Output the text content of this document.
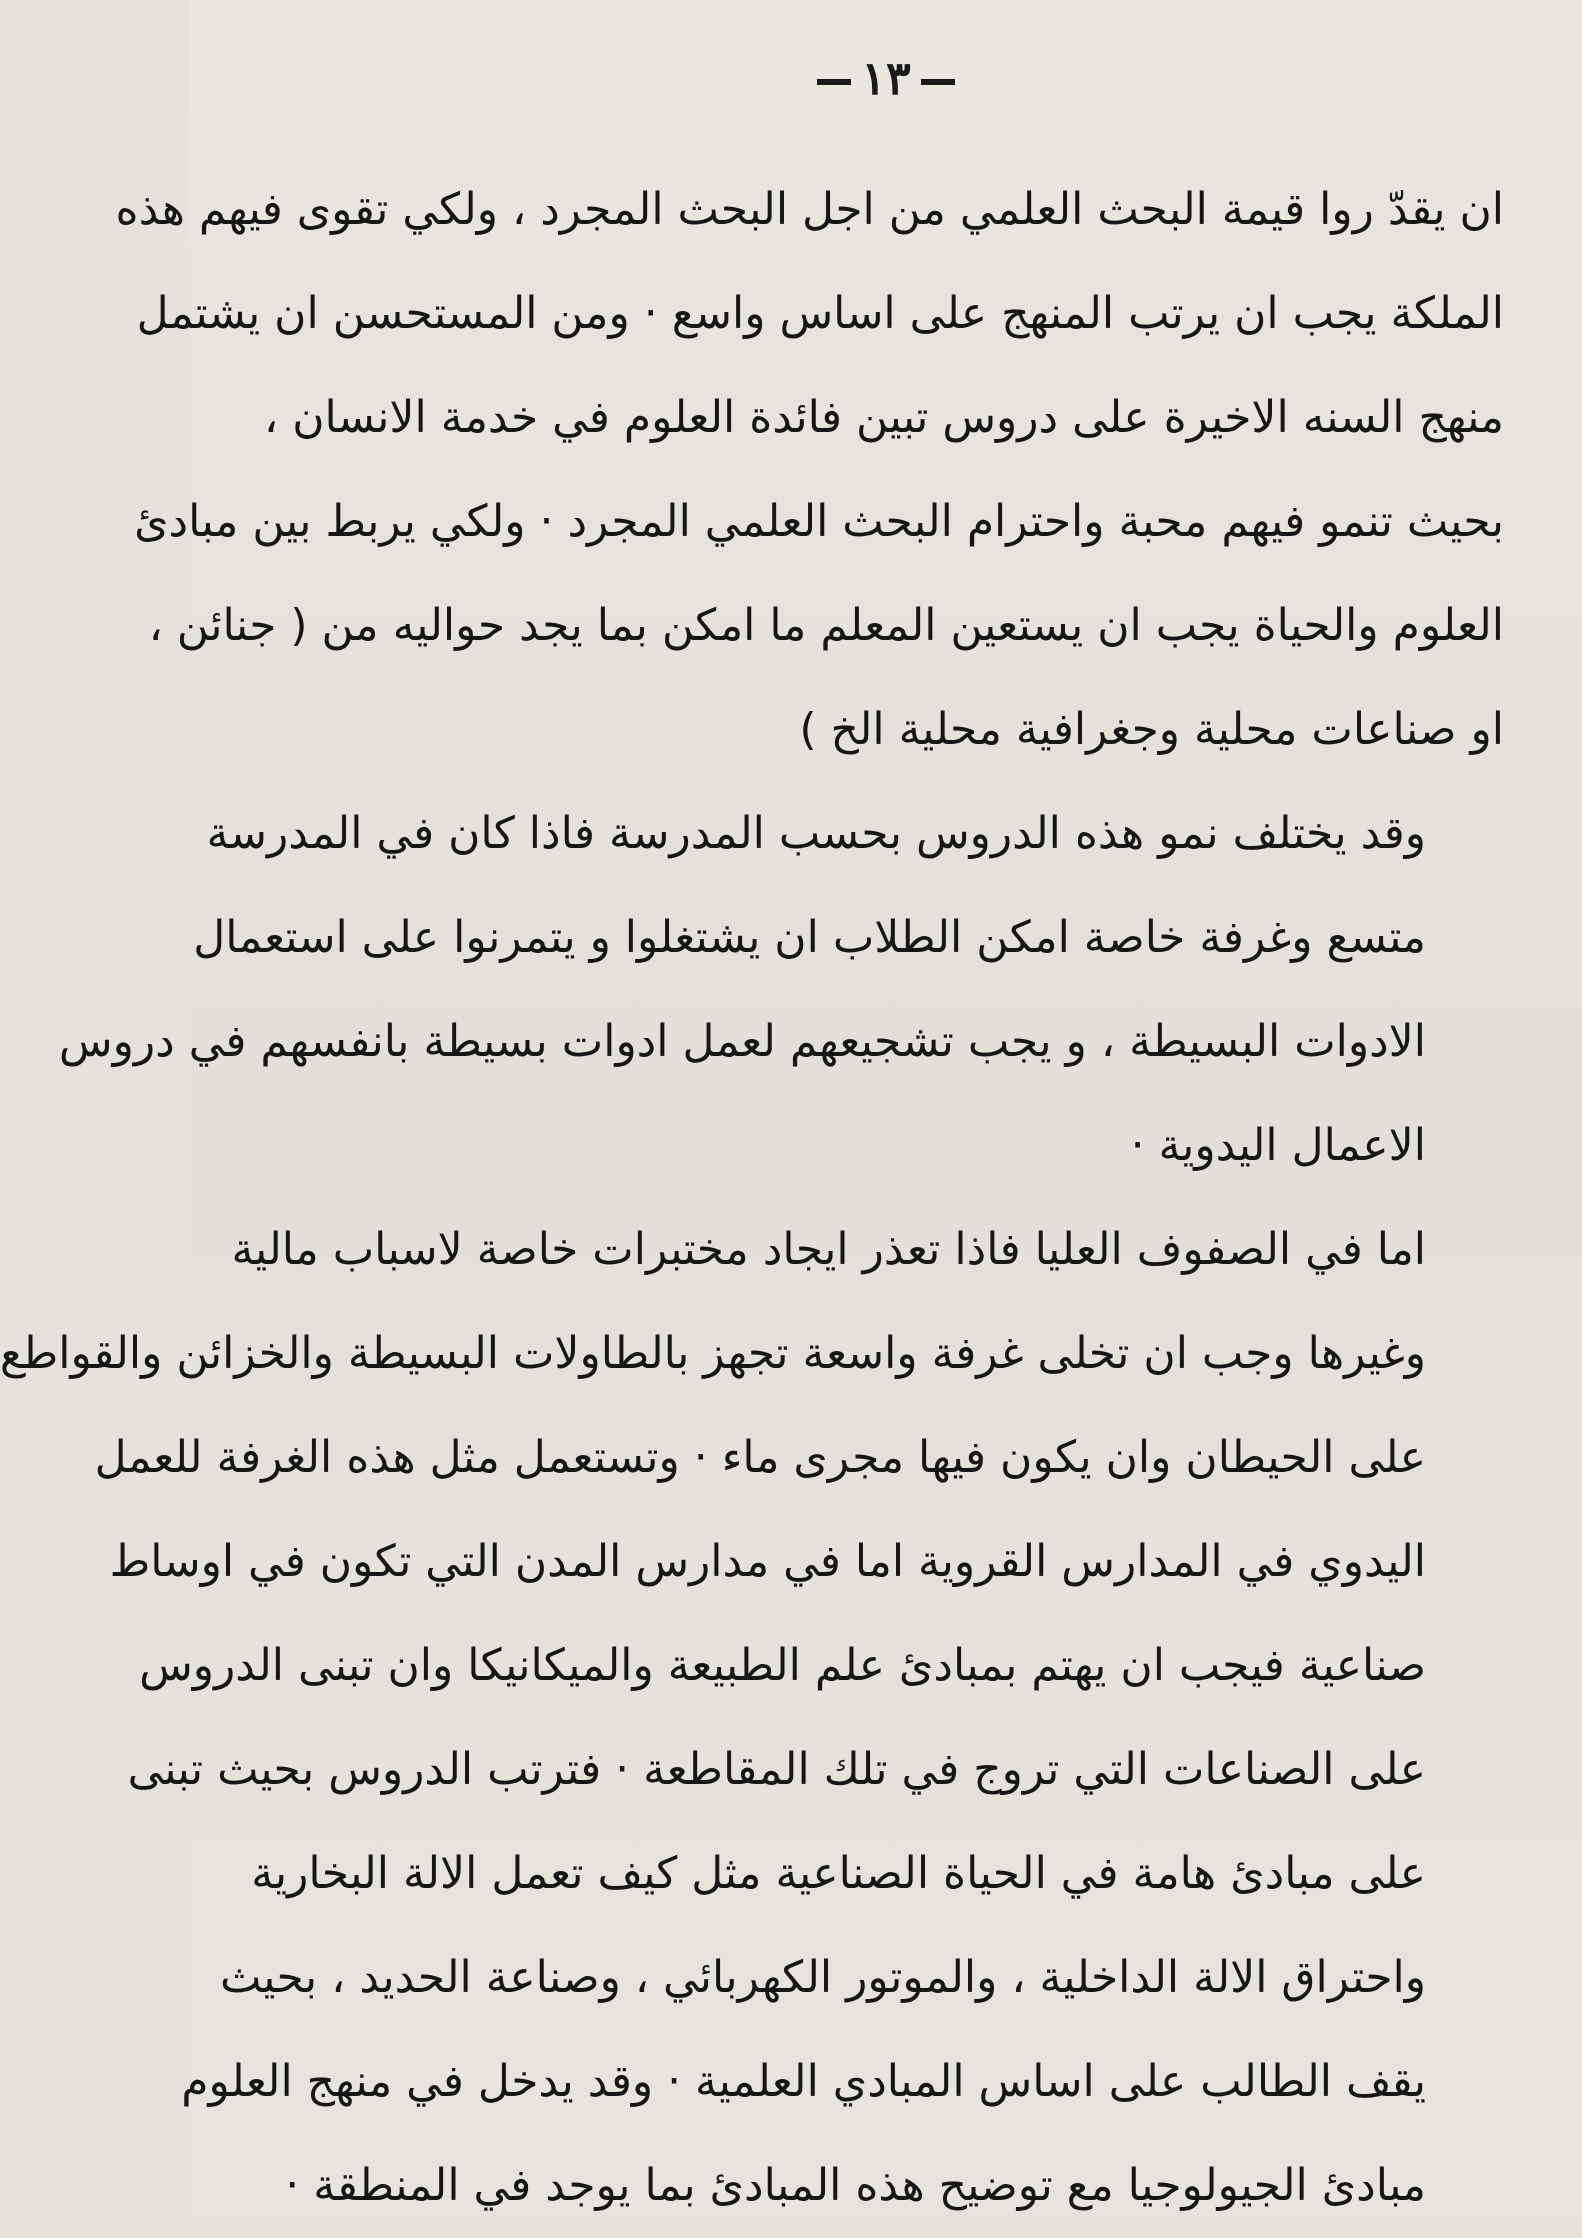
١٣

ان يقدّ روا قيمة البحث العلمي من اجل البحث المجرد ، ولكي تقوى فيهم هذه
الملكة يجب ان يرتب المنهج على اساس واسع · ومن المستحسن ان يشتمل
منهج السنه الاخيرة على دروس تبين فائدة العلوم في خدمة الانسان ،
بحيث تنمو فيهم محبة واحترام البحث العلمي المجرد · ولكي يربط بين مبادئ
العلوم والحياة يجب ان يستعين المعلم ما امكن بما يجد حواليه من ( جنائن ،
او صناعات محلية وجغرافية محلية الخ )

وقد يختلف نمو هذه الدروس بحسب المدرسة فاذا كان في المدرسة
متسع وغرفة خاصة امكن الطلاب ان يشتغلوا و يتمرنوا على استعمال
الادوات البسيطة ، و يجب تشجيعهم لعمل ادوات بسيطة بانفسهم في دروس
الاعمال اليدوية ·

اما في الصفوف العليا فاذا تعذر ايجاد مختبرات خاصة لاسباب مالية
وغيرها وجب ان تخلى غرفة واسعة تجهز بالطاولات البسيطة والخزائن والقواطع
على الحيطان وان يكون فيها مجرى ماء · وتستعمل مثل هذه الغرفة للعمل
اليدوي في المدارس القروية اما في مدارس المدن التي تكون في اوساط
صناعية فيجب ان يهتم بمبادئ علم الطبيعة والميكانيكا وان تبنى الدروس
على الصناعات التي تروج في تلك المقاطعة · فترتب الدروس بحيث تبنى
على مبادئ هامة في الحياة الصناعية مثل كيف تعمل الالة البخارية
واحتراق الالة الداخلية ، والموتور الكهربائي ، وصناعة الحديد ، بحيث
يقف الطالب على اساس المبادي العلمية · وقد يدخل في منهج العلوم
مبادئ الجيولوجيا مع توضيح هذه المبادئ بما يوجد في المنطقة ·
